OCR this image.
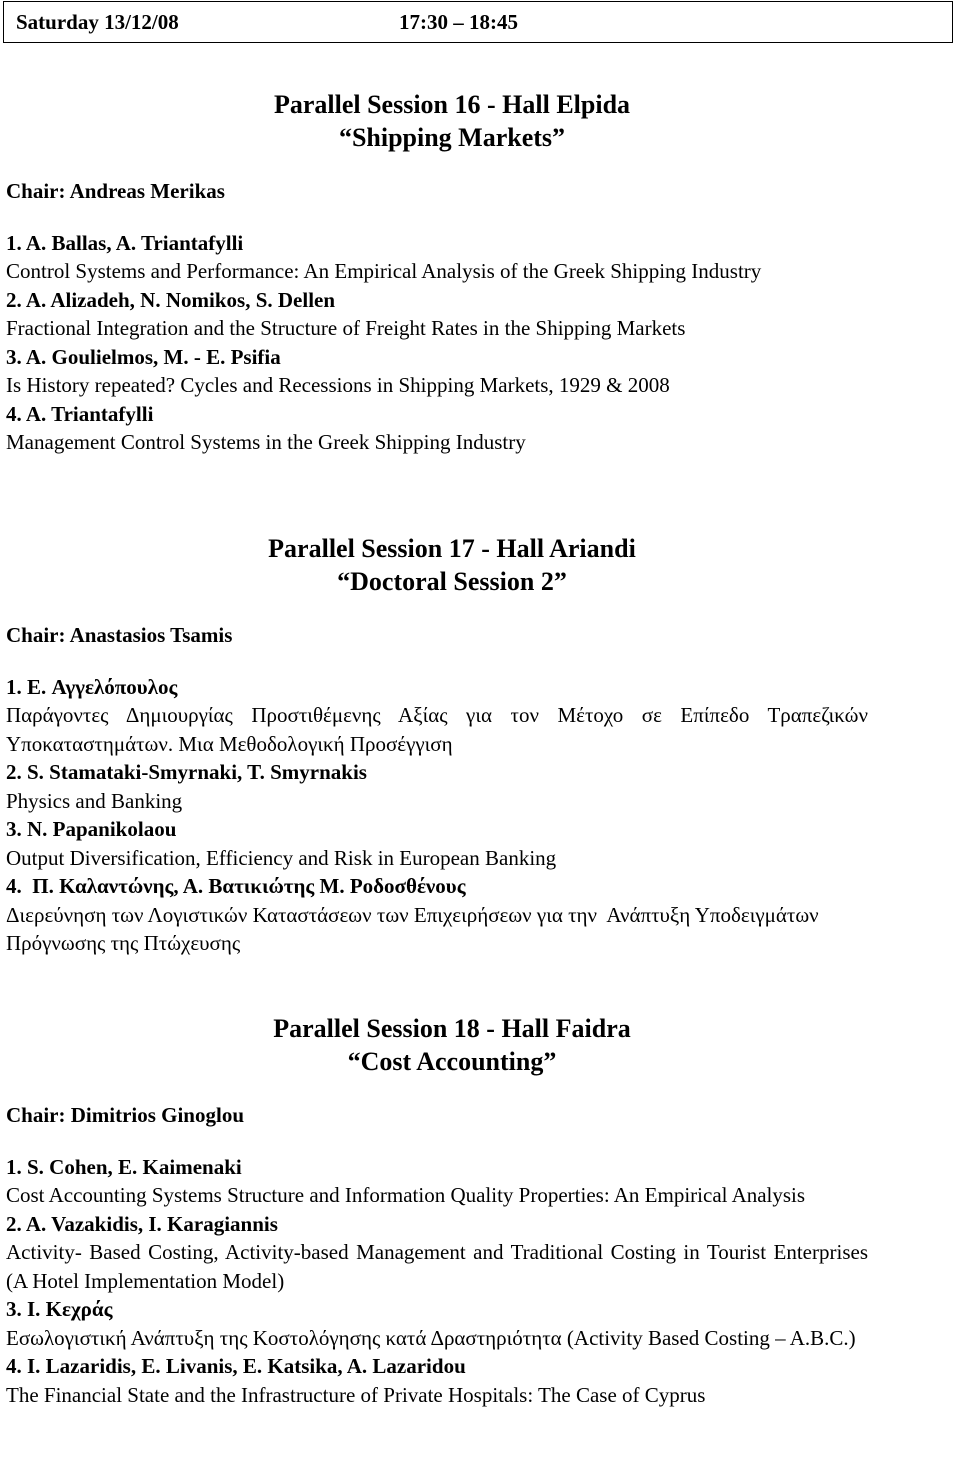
Saturday 13/12/08	17:30 – 18:45
Parallel Session 16 - Hall Elpida
“Shipping Markets”
Chair: Andreas Merikas
1. A. Ballas, A. Triantafylli
Control Systems and Performance: An Empirical Analysis of the Greek Shipping Industry
2. A. Alizadeh, N. Nomikos, S. Dellen
Fractional Integration and the Structure of Freight Rates in the Shipping Markets
3. A. Goulielmos, M. - E. Psifia
Is History repeated? Cycles and Recessions in Shipping Markets, 1929 & 2008
4. A. Triantafylli
Management Control Systems in the Greek Shipping Industry
Parallel Session 17 - Hall Ariandi
“Doctoral Session 2”
Chair: Anastasios Tsamis
1. E. Αγγελόπουλος
Παράγοντες Δημιουργίας Προστιθέμενης Αξίας για τον Μέτοχο σε Επίπεδο Τραπεζικών Υποκαταστημάτων. Μια Μεθοδολογική Προσέγγιση
2. S. Stamataki-Smyrnaki, T. Smyrnakis
Physics and Banking
3. N. Papanikolaou
Output Diversification, Efficiency and Risk in European Banking
4.  Π. Καλαντώνης, Α. Βατικιώτης Μ. Ροδοσθένους
Διερεύνηση των Λογιστικών Καταστάσεων των Επιχειρήσεων για την  Ανάπτυξη Υποδειγμάτων  Πρόγνωσης της Πτώχευσης
Parallel Session 18 - Hall Faidra
“Cost Accounting”
Chair: Dimitrios Ginoglou
1. S. Cohen, E. Kaimenaki
Cost Accounting Systems Structure and Information Quality Properties: An Empirical Analysis
2. A. Vazakidis, I. Karagiannis
Activity- Based Costing, Activity-based Management and Traditional Costing in Tourist Enterprises (A Hotel Implementation Model)
3. I. Κεχράς
Εσωλογιστική Ανάπτυξη της Κοστολόγησης κατά Δραστηριότητα (Activity Based Costing – A.B.C.)
4. I. Lazaridis, E. Livanis, E. Katsika, A. Lazaridou
The Financial State and the Infrastructure of Private Hospitals: The Case of Cyprus
